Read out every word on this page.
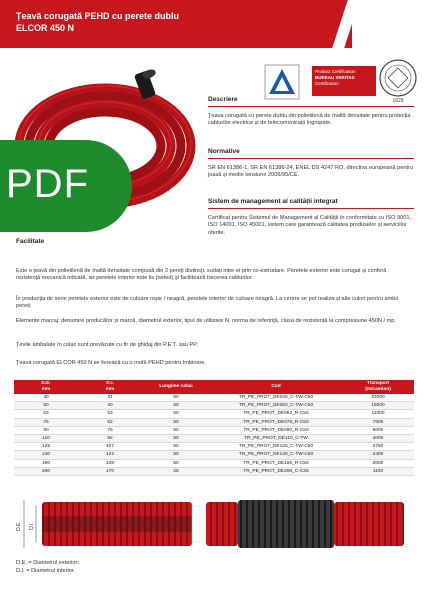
Țeavă corugată PEHD cu perete dublu
ELCOR 450 N
PDF
Product Certification
BUREAU VERITAS
Certification
1828
Descriere
Țeava corugată cu perete dublu din polietilenă de înaltă densitate pentru protecția cablurilor electrice și de telecomunicații îngropate.
Normative
SR EN 61386-1, SR EN 61386-24, ENEL DS 4247 RO, directiva europeană pentru joasă și medie tensiune 2006/95/CE.
Sistem de management al calității integrat
Certificat pentru Sistemul de Management al Calității în conformitate cu ISO 9001, ISO 14001, ISO 45001, sistem care garantează calitatea produselor și serviciilor oferite.
Facilitate

Este o țeavă din polietilenă de înaltă densitate compusă din 2 pereți distincți, sudați intre ei prin co-extrudare. Peretele exterior este corugat și conferă rezistență mecanică ridicată, iar peretele interior este lis (neted) și facilitează trecerea cablurilor.

În producția de serie peretele exterior este de culoare roșie / neagră, peretele interior de culoare neagră. La cerere se pot realiza și alte culori pentru ambii pereți.

Elemente marcaj: denumire producător și marcă, diametrul exterior, tipul de utilizare N, norma de referință, clasa de rezistență la compresiune 450N / mp.

Țevile ambalate în colac sunt prevăzute cu fir de ghidaj din P.E.T. sau PP.

Țeava corugată ELCOR 450 N se livrează cu o mufă PEHD pentru îmbinare.

D.E.
mm	D.I.
mm	Lungime colac	Cod	Transport
(m/camion)
40	31	50	TR_PE_PROT_DE040_C-TW-C50	22000
50	40	50	TR_PE_PROT_DE050_C-TW-C50	15000
63	53	50	TR_PE_PROT_DE063_R-C50	11000
75	62	50	TR_PE_PROT_DE075_R-C50	7600
90	76	50	TR_PE_PROT_DE090_R-C50	6000
110	92	50	TR_PE_PROT_DE110_C-TW	4000
125	107	50	TR_PE_PROT_DE125_C-TW-C50	3760
140	122	50	TR_PE_PROT_DE140_C-TW-C50	2400
160	138	50	TR_PE_PROT_DE160_R-C50	2000
200	170	25	TR_PE_PROT_DE200_C-C25	1100
D.E. D.I.
D.E. = Diametrul exterior;
D.I. = Diametrul interior.
